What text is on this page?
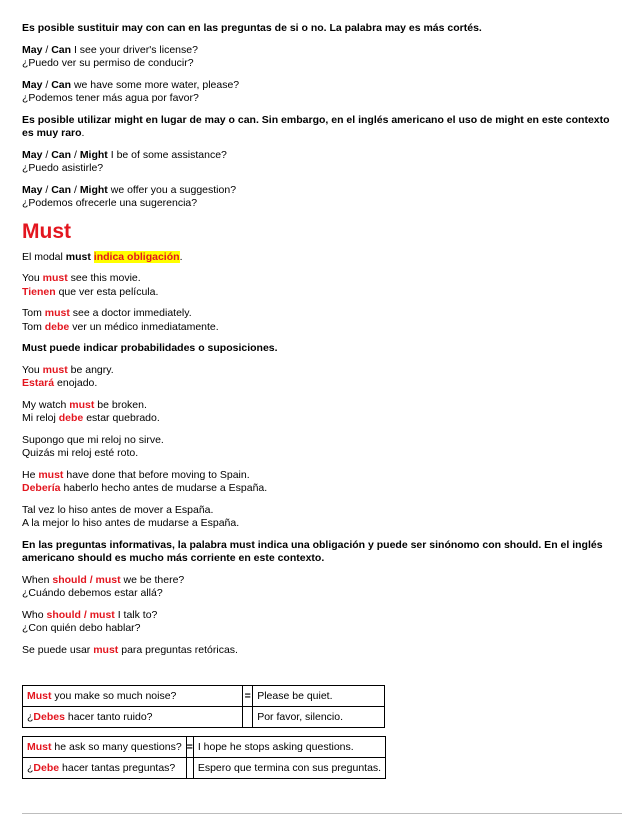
Es posible sustituir may con can en las preguntas de si o no. La palabra may es más cortés.

May / Can I see your driver's license?
¿Puedo ver su permiso de conducir?

May / Can we have some more water, please?
¿Podemos tener más agua por favor?

Es posible utilizar might en lugar de may o can. Sin embargo, en el inglés americano el uso de might en este contexto es muy raro.

May / Can / Might I be of some assistance?
¿Puedo asistirle?

May / Can / Might we offer you a suggestion?
¿Podemos ofrecerle una sugerencia?

Must

El modal must indica obligación.

You must see this movie.
Tienen que ver esta película.

Tom must see a doctor immediately.
Tom debe ver un médico inmediatamente.

Must puede indicar probabilidades o suposiciones.

You must be angry.
Estará enojado.

My watch must be broken.
Mi reloj debe estar quebrado.

Supongo que mi reloj no sirve.
Quizás mi reloj esté roto.

He must have done that before moving to Spain.
Debería haberlo hecho antes de mudarse a España.

Tal vez lo hiso antes de mover a España.
A la mejor lo hiso antes de mudarse a España.

En las preguntas informativas, la palabra must indica una obligación y puede ser sinónomo con should. En el inglés americano should es mucho más corriente en este contexto.

When should / must we be there?
¿Cuándo debemos estar allá?

Who should / must I talk to?
¿Con quién debo hablar?

Se puede usar must para preguntas retóricas.

Must you make so much noise?	=	Please be quiet.
¿Debes hacer tanto ruido?		Por favor, silencio.
Must he ask so many questions?	=	I hope he stops asking questions.
¿Debe hacer tantas preguntas?		Espero que termina con sus preguntas.
